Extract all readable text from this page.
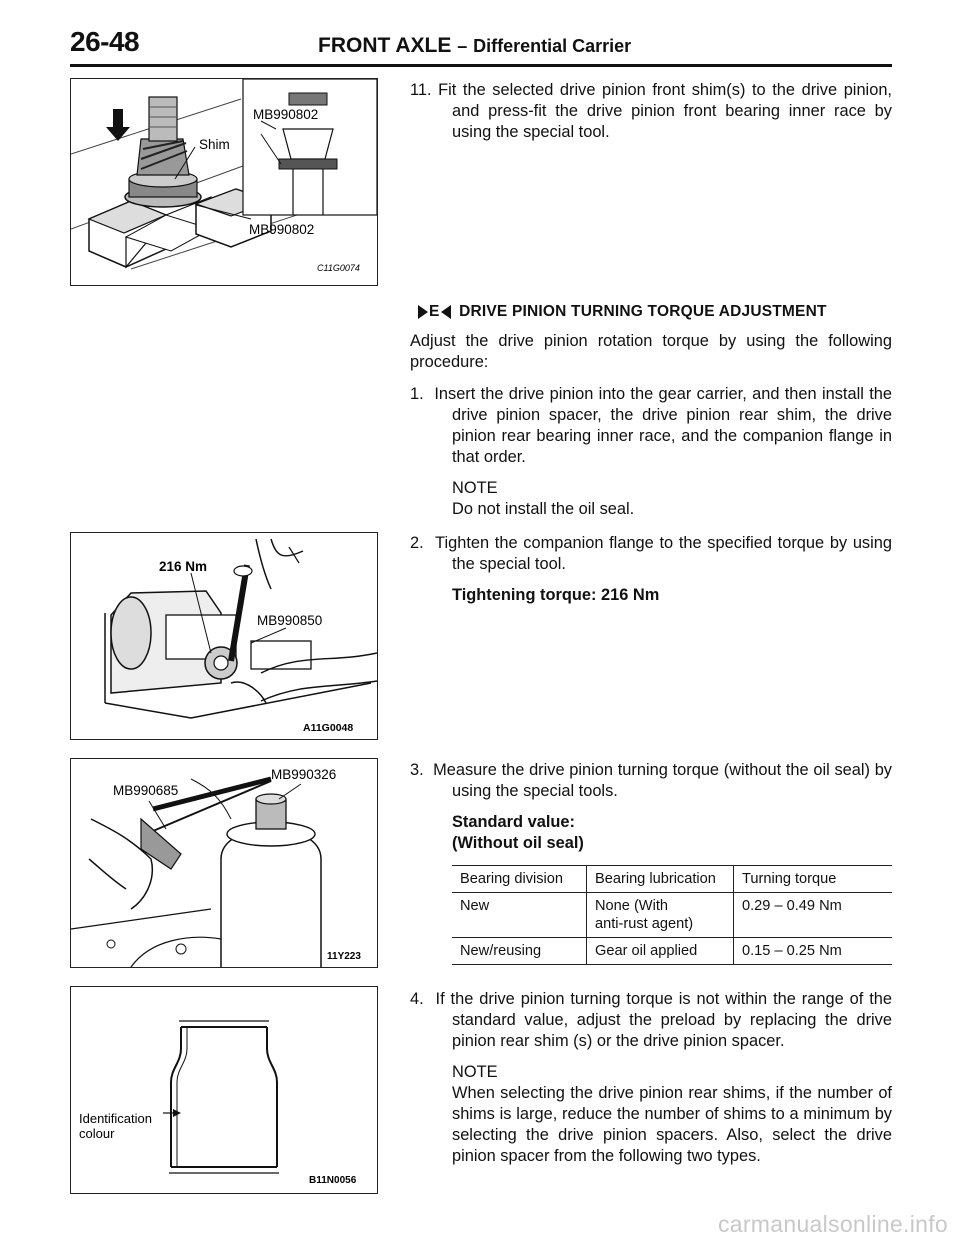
26-48	FRONT AXLE – Differential Carrier
MB990802
Shim
MB990802
C11G0074
216 Nm
MB990850
A11G0048
MB990685
MB990326
11Y223
Identification
colour
B11N0056

11. Fit the selected drive pinion front shim(s) to the drive pinion, and press-fit the drive pinion front bearing inner race by using the special tool.

E DRIVE PINION TURNING TORQUE ADJUSTMENT

Adjust the drive pinion rotation torque by using the following procedure:

1. Insert the drive pinion into the gear carrier, and then install the drive pinion spacer, the drive pinion rear shim, the drive pinion rear bearing inner race, and the companion flange in that order.

NOTE

Do not install the oil seal.

2. Tighten the companion flange to the specified torque by using the special tool.

Tightening torque: 216 Nm

3. Measure the drive pinion turning torque (without the oil seal) by using the special tools.

Standard value:

(Without oil seal)

Bearing division	Bearing lubrication	Turning torque
New	None (With
anti-rust agent)	0.29 – 0.49 Nm
New/reusing	Gear oil applied	0.15 – 0.25 Nm

4. If the drive pinion turning torque is not within the range of the standard value, adjust the preload by replacing the drive pinion rear shim (s) or the drive pinion spacer.

NOTE

When selecting the drive pinion rear shims, if the number of shims is large, reduce the number of shims to a minimum by selecting the drive pinion spacers. Also, select the drive pinion spacer from the following two types.

carmanualsonline.info
